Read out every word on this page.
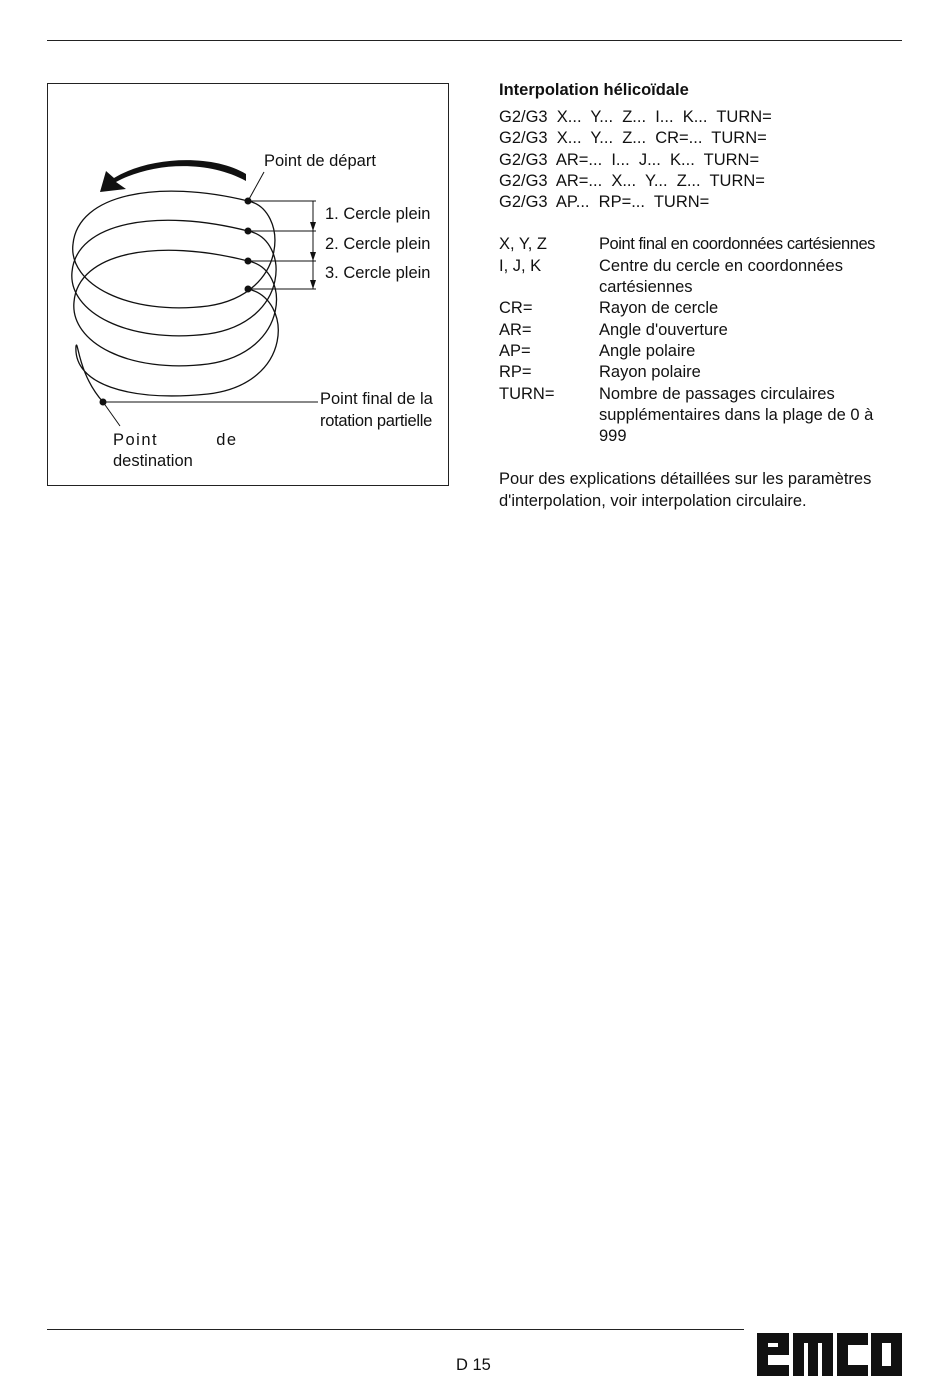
Point de départ
1. Cercle plein
2. Cercle plein
3. Cercle plein
Point final de la
rotation partielle
Point de
destination
Interpolation hélicoïdale
G2/G3  X...  Y...  Z...  I...  K...  TURN=
G2/G3  X...  Y...  Z...  CR=...  TURN=
G2/G3  AR=...  I...  J...  K...  TURN=
G2/G3  AR=...  X...  Y...  Z...  TURN=
G2/G3  AP...  RP=...  TURN=
X, Y, Z	Point final en coordonnées cartésiennes
I, J, K	Centre du cercle en coordonnées cartésiennes
CR=	Rayon de cercle
AR=	Angle d'ouverture
AP=	Angle polaire
RP=	Rayon polaire
TURN=	Nombre de passages circulaires supplémentaires dans la plage de 0 à 999
Pour des explications détaillées sur les paramètres d'interpolation, voir interpolation circulaire.
D 15
